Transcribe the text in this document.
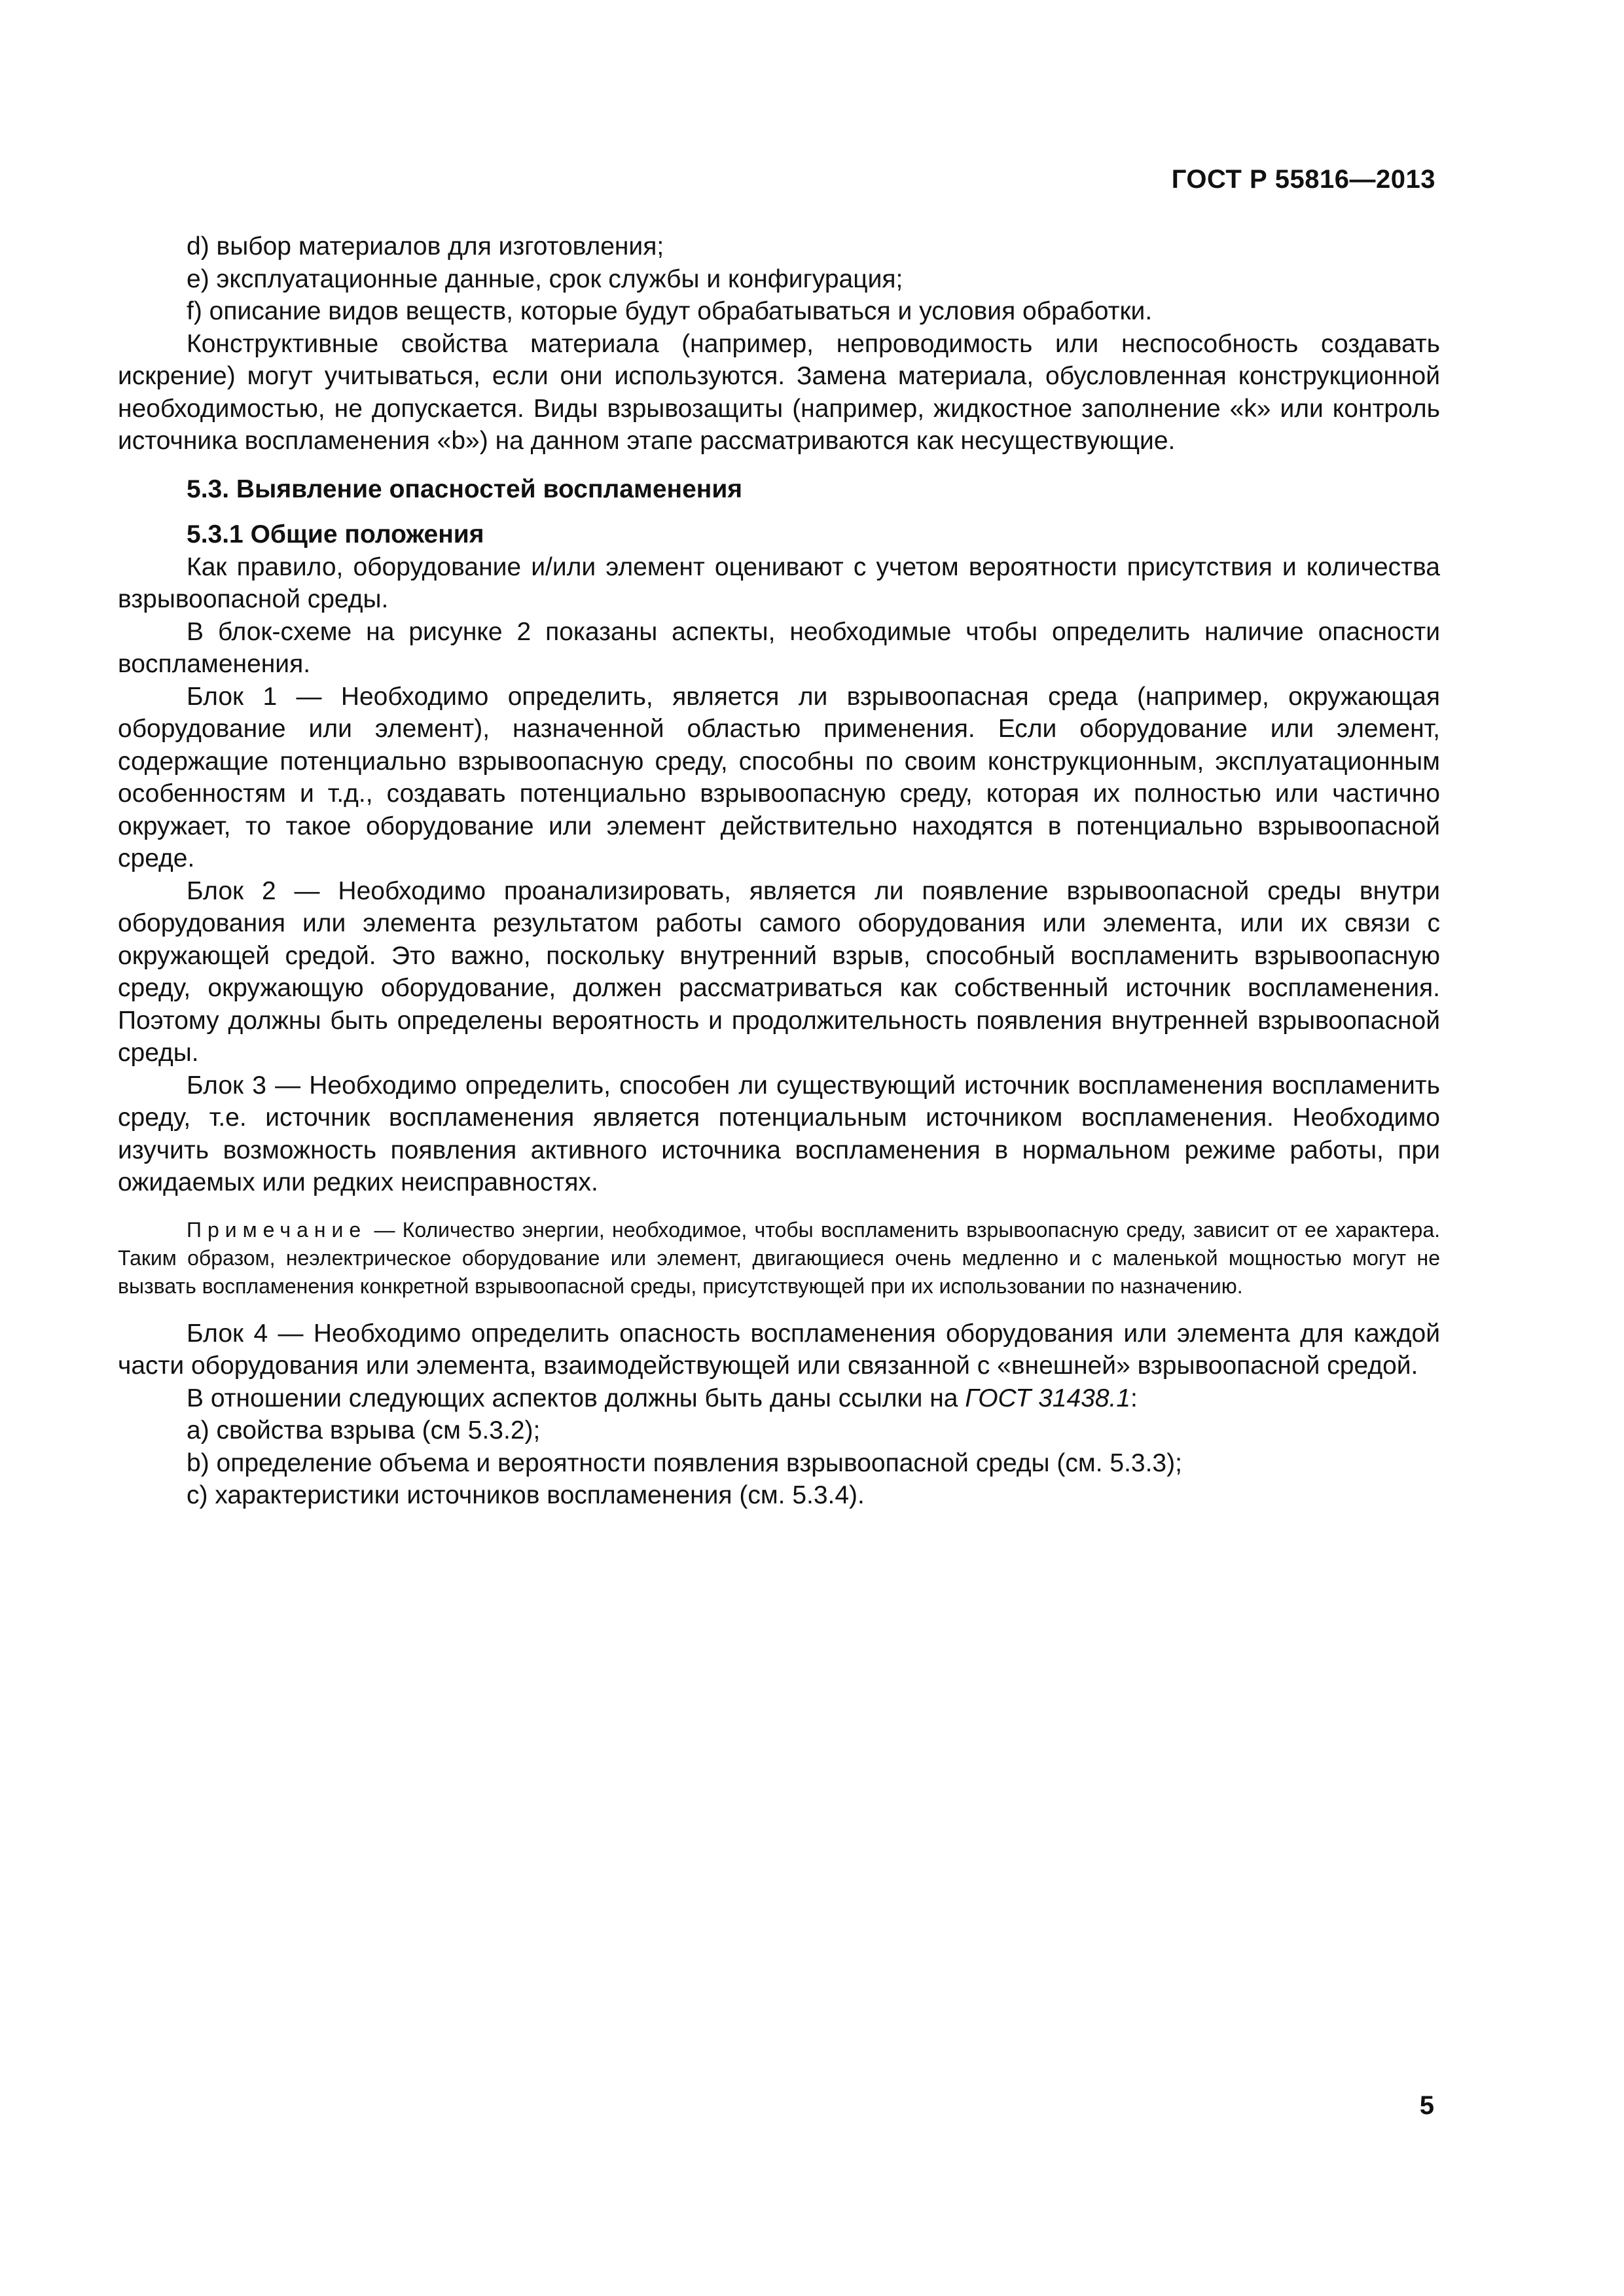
ГОСТ Р 55816—2013

d) выбор материалов для изготовления;

e) эксплуатационные данные, срок службы и конфигурация;

f) описание видов веществ, которые будут обрабатываться и условия обработки.

Конструктивные свойства материала (например, непроводимость или неспособность создавать искрение) могут учитываться, если они используются. Замена материала, обусловленная конструкционной необходимостью, не допускается. Виды взрывозащиты (например, жидкостное заполнение «k» или контроль источника воспламенения «b») на данном этапе рассматриваются как несуществующие.

5.3. Выявление опасностей воспламенения

5.3.1 Общие положения

Как правило, оборудование и/или элемент оценивают с учетом вероятности присутствия и количества взрывоопасной среды.

В блок-схеме на рисунке 2 показаны аспекты, необходимые чтобы определить наличие опасности воспламенения.

Блок 1 — Необходимо определить, является ли взрывоопасная среда (например, окружающая оборудование или элемент), назначенной областью применения. Если оборудование или элемент, содержащие потенциально взрывоопасную среду, способны по своим конструкционным, эксплуатационным особенностям и т.д., создавать потенциально взрывоопасную среду, которая их полностью или частично окружает, то такое оборудование или элемент действительно находятся в потенциально взрывоопасной среде.

Блок 2 — Необходимо проанализировать, является ли появление взрывоопасной среды внутри оборудования или элемента результатом работы самого оборудования или элемента, или их связи с окружающей средой. Это важно, поскольку внутренний взрыв, способный воспламенить взрывоопасную среду, окружающую оборудование, должен рассматриваться как собственный источник воспламенения. Поэтому должны быть определены вероятность и продолжительность появления внутренней взрывоопасной среды.

Блок 3 — Необходимо определить, способен ли существующий источник воспламенения воспламенить среду, т.е. источник воспламенения является потенциальным источником воспламенения. Необходимо изучить возможность появления активного источника воспламенения в нормальном режиме работы, при ожидаемых или редких неисправностях.

Примечание — Количество энергии, необходимое, чтобы воспламенить взрывоопасную среду, зависит от ее характера. Таким образом, неэлектрическое оборудование или элемент, двигающиеся очень медленно и с маленькой мощностью могут не вызвать воспламенения конкретной взрывоопасной среды, присутствующей при их использовании по назначению.

Блок 4 — Необходимо определить опасность воспламенения оборудования или элемента для каждой части оборудования или элемента, взаимодействующей или связанной с «внешней» взрывоопасной средой.

В отношении следующих аспектов должны быть даны ссылки на ГОСТ 31438.1:

a) свойства взрыва (см 5.3.2);

b) определение объема и вероятности появления взрывоопасной среды (см. 5.3.3);

c) характеристики источников воспламенения (см. 5.3.4).

5
